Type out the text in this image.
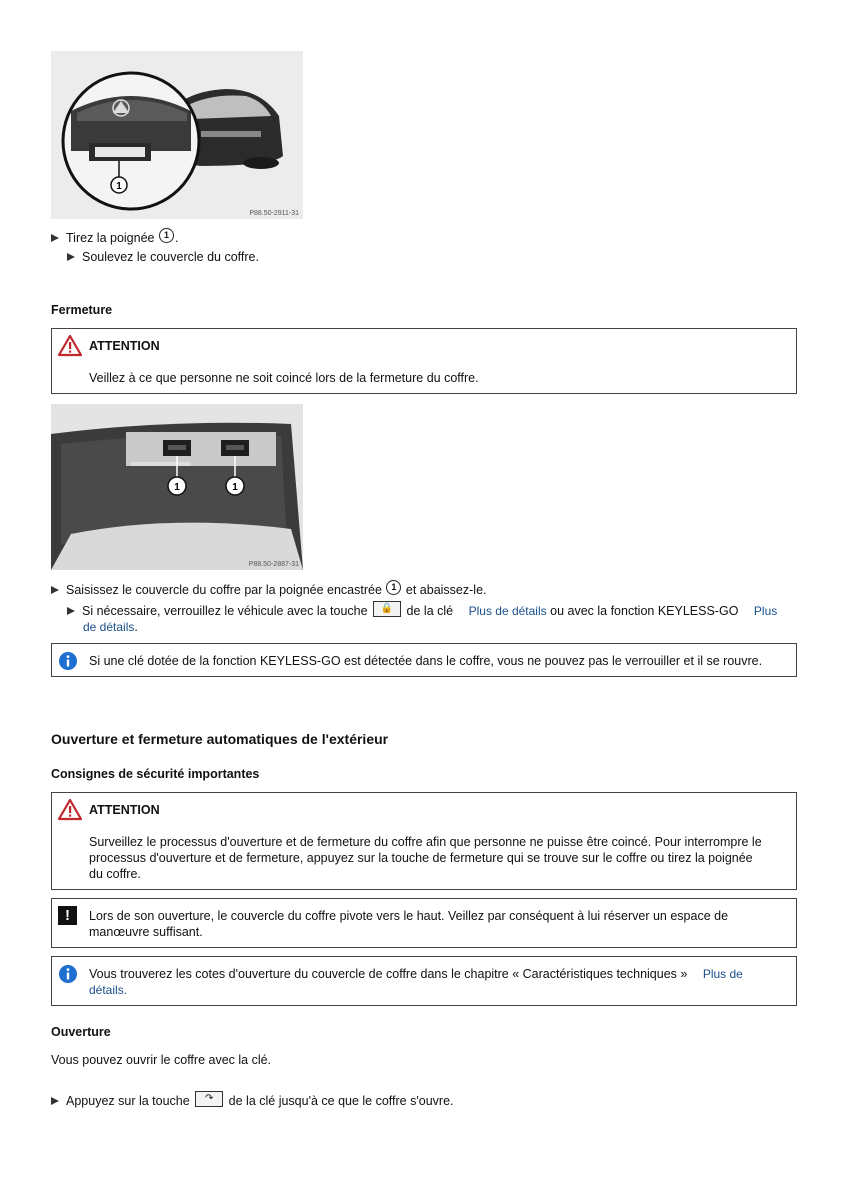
1
P88.50-2911-31
Tirez la poignée 1 .
Soulevez le couvercle du coffre.
Fermeture
ATTENTION
Veillez à ce que personne ne soit coincé lors de la fermeture du coffre.
1	1
P88.50-2887-31
Saisissez le couvercle du coffre par la poignée encastrée 1 et abaissez-le.
Si nécessaire, verrouillez le véhicule avec la touche 🔒 de la clé Plus de détails ou avec la fonction KEYLESS-GO Plus
de détails.
Si une clé dotée de la fonction KEYLESS-GO est détectée dans le coffre, vous ne pouvez pas le verrouiller et il se rouvre.
Ouverture et fermeture automatiques de l'extérieur
Consignes de sécurité importantes
ATTENTION
Surveillez le processus d'ouverture et de fermeture du coffre afin que personne ne puisse être coincé. Pour interrompre le
processus d'ouverture et de fermeture, appuyez sur la touche de fermeture qui se trouve sur le coffre ou tirez la poignée
du coffre.
!	Lors de son ouverture, le couvercle du coffre pivote vers le haut. Veillez par conséquent à lui réserver un espace de
manœuvre suffisant.
Vous trouverez les cotes d'ouverture du couvercle de coffre dans le chapitre « Caractéristiques techniques » Plus de
détails.
Ouverture
Vous pouvez ouvrir le coffre avec la clé.
Appuyez sur la touche ↷ de la clé jusqu'à ce que le coffre s'ouvre.
